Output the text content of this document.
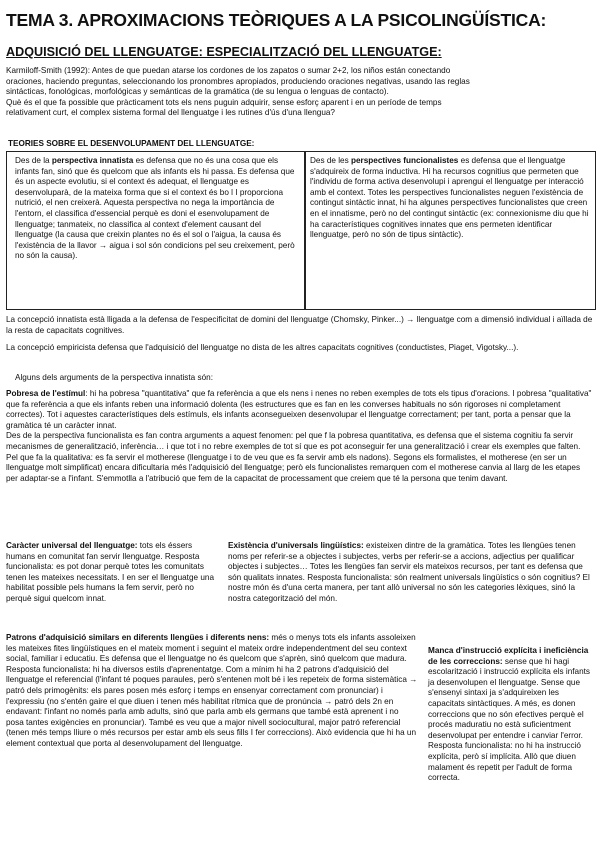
TEMA 3. APROXIMACIONS TEÒRIQUES A LA PSICOLINGÜÍSTICA:
ADQUISICIÓ DEL LLENGUATGE: ESPECIALITZACIÓ DEL LLENGUATGE:
Karmiloff-Smith (1992): Antes de que puedan atarse los cordones de los zapatos o sumar 2+2, los niños están conectando
oraciones, haciendo preguntas, seleccionando los pronombres apropiados, produciendo oraciones negativas, usando las reglas
sintácticas, fonológicas, morfológicas y semánticas de la gramática (de su lengua o lenguas de contacto).
Què és el que fa possible que pràcticament tots els nens puguin adquirir, sense esforç aparent i en un període de temps
relativament curt, el complex sistema formal del llenguatge i les rutines d'ús d'una llengua?
TEORIES SOBRE EL DESENVOLUPAMENT DEL LLENGUATGE:
Des de la perspectiva innatista es defensa que no és una cosa que els infants fan, sinó que és quelcom que als infants els hi passa. Es defensa que és un aspecte evolutiu, si el context és adequat, el llenguatge es desenvoluparà, de la mateixa forma que si el context és bo l I proporciona nutrició, el nen creixerà. Aquesta perspectiva no nega la importància de l'entorn, el classifica d'essencial perquè es doni el esenvolupament de llenguatge; tanmateix, no classifica al context d'element causant del llenguatge (la causa que creixin plantes no és el sol o l'aigua, la causa és l'existència de la llavor → aigua i sol són condicions pel seu creixement, però no són la causa).
Des de les perspectives funcionalistes es defensa que el llenguatge s'adquireix de forma inductiva. Hi ha recursos cognitius que permeten que l'individu de forma activa desenvolupi i aprengui el llenguatge per interacció amb el context. Totes les perspectives funcionalistes neguen l'existència de contingut sintàctic innat, hi ha algunes perspectives funcionalistes que creen en el innatisme, però no del contingut sintàctic (ex: connexionisme diu que hi ha característiques cognitives innates que ens permeten identificar llenguatge, però no són de tipus sintàctic).
La concepció innatista està lligada a la defensa de l'especificitat de domini del llenguatge (Chomsky, Pinker...) → llenguatge com a dimensió individual i aïllada de la resta de capacitats cognitives.
La concepció empiricista defensa que l'adquisició del llenguatge no dista de les altres capacitats cognitives (conductistes, Piaget, Vigotsky...).
Alguns dels arguments de la perspectiva innatista són:
Pobresa de l'estímul: hi ha pobresa "quantitativa" que fa referència a que els nens i nenes no reben exemples de tots els tipus d'oracions. I pobresa "qualitativa" que fa referència a que els infants reben una informació dolenta (les estructures que es fan en les converses habituals no són rigoroses ni completament correctes). Tot i aquestes característiques dels estímuls, els infants aconsegueixen desenvolupar el llenguatge correctament; per tant, porta a pensar que la gramàtica té un caràcter innat.
Des de la perspectiva funcionalista es fan contra arguments a aquest fenomen: pel que f la pobresa quantitativa, es defensa que el sistema cognitiu fa servir mecanismes de generalització, inferència… i que tot i no rebre exemples de tot sí que es pot aconseguir fer una generalització i crear els exemples que falten.
Pel que fa la qualitativa: es fa servir el motherese (llenguatge i to de veu que es fa servir amb els nadons). Segons els formalistes, el motherese (en ser un llenguatge molt simplificat) encara dificultaria més l'adquisició del llenguatge; però els funcionalistes remarquen com el motherese canvia al llarg de les etapes per adaptar-se a l'infant. S'emmotlla a l'atribució que fem de la capacitat de processament que creiem que té la persona que tenim davant.
Caràcter universal del llenguatge: tots els éssers humans en comunitat fan servir llenguatge. Resposta funcionalista: es pot donar perquè totes les comunitats tenen les mateixes necessitats. I en ser el llenguatge una habilitat possible pels humans la fem servir, però no perquè sigui quelcom innat.
Existència d'universals lingüístics: existeixen dintre de la gramàtica. Totes les llengües tenen noms per referir-se a objectes i subjectes, verbs per referir-se a accions, adjectius per qualificar objectes i subjectes… Totes les llengües fan servir els mateixos recursos, per tant es defensa que són qualitats innates. Resposta funcionalista: són realment universals lingüístics o són cognitius? El nostre món és d'una certa manera, per tant allò universal no són les categories lèxiques, sinó la nostra categorització del món.
Patrons d'adquisició similars en diferents llengües i diferents nens: més o menys tots els infants assoleixen les mateixes fites lingüístiques en el mateix moment i seguint el mateix ordre independentment del seu context social, familiar i educatiu. Es defensa que el llenguatge no és quelcom que s'aprèn, sinó quelcom que madura.
Resposta funcionalista: hi ha diversos estils d'aprenentatge. Com a mínim hi ha 2 patrons d'adquisició del llenguatge el referencial (l'infant té poques paraules, però s'entenen molt bé i les repeteix de forma sistemàtica → patró dels primogènits: els pares posen més esforç i temps en ensenyar correctament com pronunciar) i l'expressiu (no s'entén gaire el que diuen i tenen més habilitat rítmica que de pronúncia → patró dels 2n en endavant: l'infant no només parla amb adults, sinó que parla amb els germans que també està aprenent i no posa tantes exigències en pronunciar). També es veu que a major nivell sociocultural, major patró referencial (tenen més temps lliure o més recursos per estar amb els seus fills I fer correccions). Això evidencia que hi ha un element contextual que porta al desenvolupament del llenguatge.
Manca d'instrucció explícita i ineficiència de les correccions: sense que hi hagi escolarització i instrucció explícita els infants ja desenvolupen el llenguatge. Sense que s'ensenyi sintaxi ja s'adquireixen les capacitats sintàctiques. A més, es donen correccions que no són efectives perquè el procés maduratiu no està suficientment desenvolupat per entendre i canviar l'error. Resposta funcionalista: no hi ha instrucció explícita, però sí implícita. Allò que diuen malament és repetit per l'adult de forma correcta.
